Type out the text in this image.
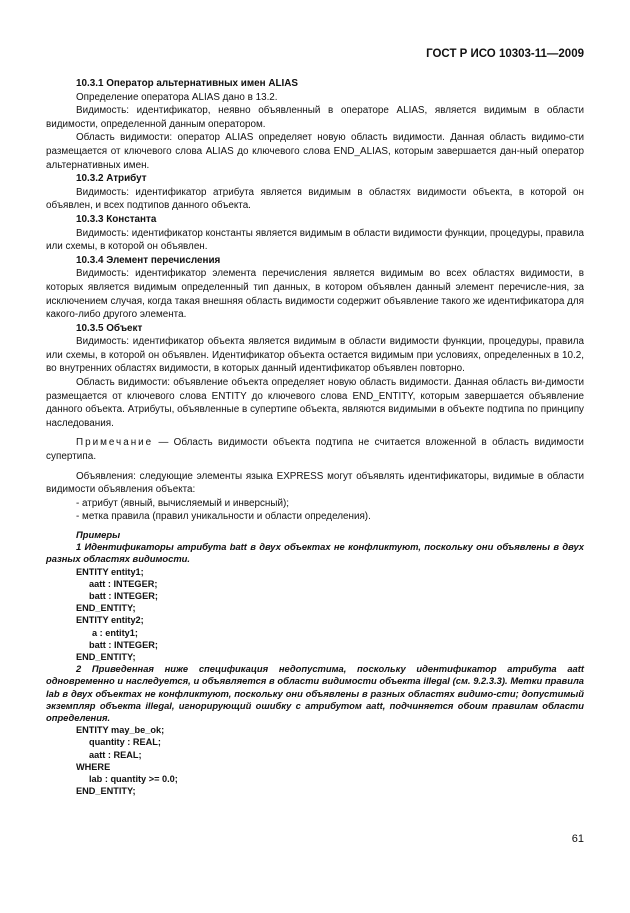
ГОСТ Р ИСО 10303-11—2009

10.3.1 Оператор альтернативных имен ALIAS

Определение оператора ALIAS дано в 13.2.

Видимость: идентификатор, неявно объявленный в операторе ALIAS, является видимым в области видимости, определенной данным оператором.

Область видимости: оператор ALIAS определяет новую область видимости. Данная область видимо-сти размещается от ключевого слова ALIAS до ключевого слова END_ALIAS, которым завершается дан-ный оператор альтернативных имен.

10.3.2 Атрибут

Видимость: идентификатор атрибута является видимым в областях видимости объекта, в которой он объявлен, и всех подтипов данного объекта.

10.3.3 Константа

Видимость: идентификатор константы является видимым в области видимости функции, процедуры, правила или схемы, в которой он объявлен.

10.3.4 Элемент перечисления

Видимость: идентификатор элемента перечисления является видимым во всех областях видимости, в которых является видимым определенный тип данных, в котором объявлен данный элемент перечисле-ния, за исключением случая, когда такая внешняя область видимости содержит объявление такого же идентификатора для какого-либо другого элемента.

10.3.5 Объект

Видимость: идентификатор объекта является видимым в области видимости функции, процедуры, правила или схемы, в которой он объявлен. Идентификатор объекта остается видимым при условиях, определенных в 10.2, во внутренних областях видимости, в которых данный идентификатор объявлен повторно.

Область видимости: объявление объекта определяет новую область видимости. Данная область ви-димости размещается от ключевого слова ENTITY до ключевого слова END_ENTITY, которым завершается объявление данного объекта. Атрибуты, объявленные в супертипе объекта, являются видимыми в объекте подтипа по принципу наследования.

Примечание — Область видимости объекта подтипа не считается вложенной в область видимости супертипа.

Объявления: следующие элементы языка EXPRESS могут объявлять идентификаторы, видимые в области видимости объявления объекта:

- атрибут (явный, вычисляемый и инверсный);

- метка правила (правил уникальности и области определения).

Примеры

1 Идентификаторы атрибута batt в двух объектах не конфликтуют, поскольку они объявлены в двух разных областях видимости.

ENTITY entity1;
aatt : INTEGER;
batt : INTEGER;
END_ENTITY;
ENTITY entity2;
a : entity1;
batt : INTEGER;
END_ENTITY;

2 Приведенная ниже спецификация недопустима, поскольку идентификатор атрибута aatt одновременно и наследуется, и объявляется в области видимости объекта illegal (см. 9.2.3.3). Метки правила lab в двух объектах не конфликтуют, поскольку они объявлены в разных областях видимо-сти; допустимый экземпляр объекта illegal, игнорирующий ошибку с атрибутом aatt, подчиняется обоим правилам области определения.

ENTITY may_be_ok;
quantity : REAL;
aatt : REAL;
WHERE
lab : quantity >= 0.0;
END_ENTITY;
61
